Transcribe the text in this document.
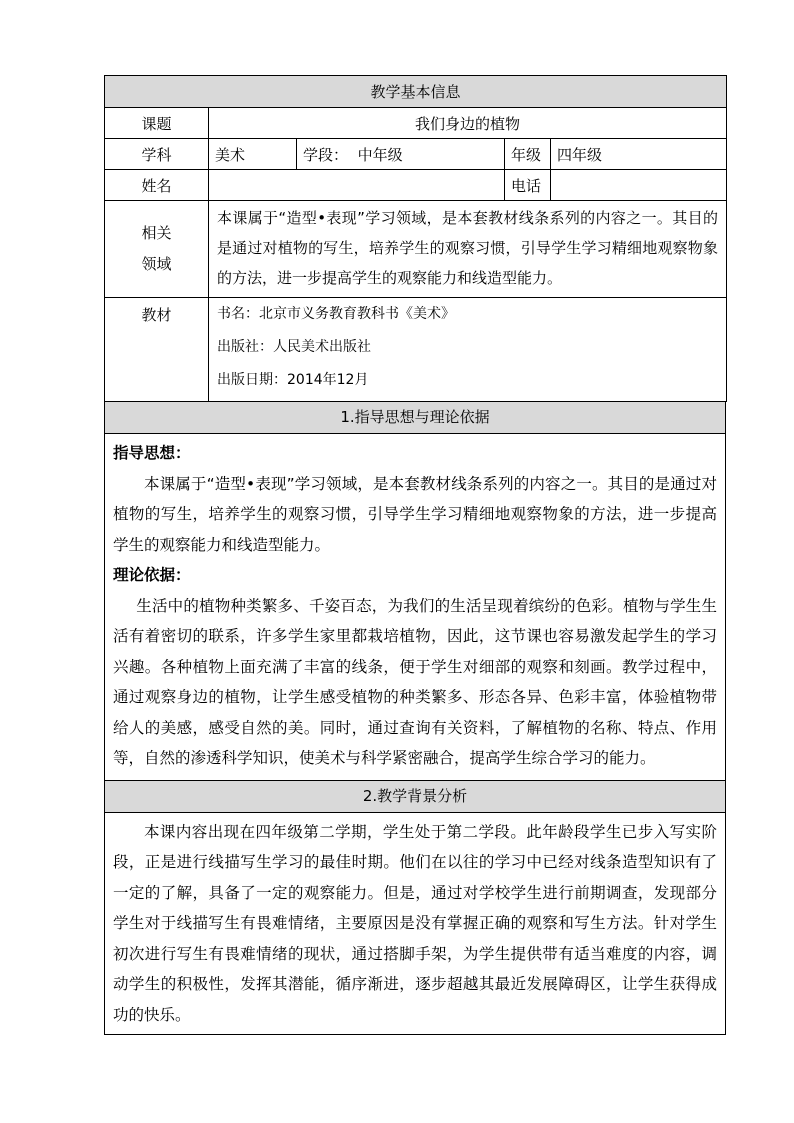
教学基本信息				
课题	我们身边的植物			
学科	美术	学段： 中年级	年级	四年级
姓名			电话	
相关
领域	本课属于“造型•表现”学习领域，是本套教材线条系列的内容之一。其目的是通过对植物的写生，培养学生的观察习惯，引导学生学习精细地观察物象的方法，进一步提高学生的观察能力和线造型能力。			
教材	书名：北京市义务教育教科书《美术》
出版社：人民美术出版社
出版日期：2014年12月			
1.指导思想与理论依据
指导思想：

本课属于“造型•表现”学习领域，是本套教材线条系列的内容之一。其目的是通过对植物的写生，培养学生的观察习惯，引导学生学习精细地观察物象的方法，进一步提高学生的观察能力和线造型能力。

理论依据：

生活中的植物种类繁多、千姿百态，为我们的生活呈现着缤纷的色彩。植物与学生生活有着密切的联系，许多学生家里都栽培植物，因此，这节课也容易激发起学生的学习兴趣。各种植物上面充满了丰富的线条，便于学生对细部的观察和刻画。教学过程中，通过观察身边的植物，让学生感受植物的种类繁多、形态各异、色彩丰富，体验植物带给人的美感，感受自然的美。同时，通过查询有关资料，了解植物的名称、特点、作用等，自然的渗透科学知识，使美术与科学紧密融合，提高学生综合学习的能力。

2.教学背景分析

本课内容出现在四年级第二学期，学生处于第二学段。此年龄段学生已步入写实阶段，正是进行线描写生学习的最佳时期。他们在以往的学习中已经对线条造型知识有了一定的了解，具备了一定的观察能力。但是，通过对学校学生进行前期调查，发现部分学生对于线描写生有畏难情绪，主要原因是没有掌握正确的观察和写生方法。针对学生初次进行写生有畏难情绪的现状，通过搭脚手架，为学生提供带有适当难度的内容，调动学生的积极性，发挥其潜能，循序渐进，逐步超越其最近发展障碍区，让学生获得成功的快乐。
